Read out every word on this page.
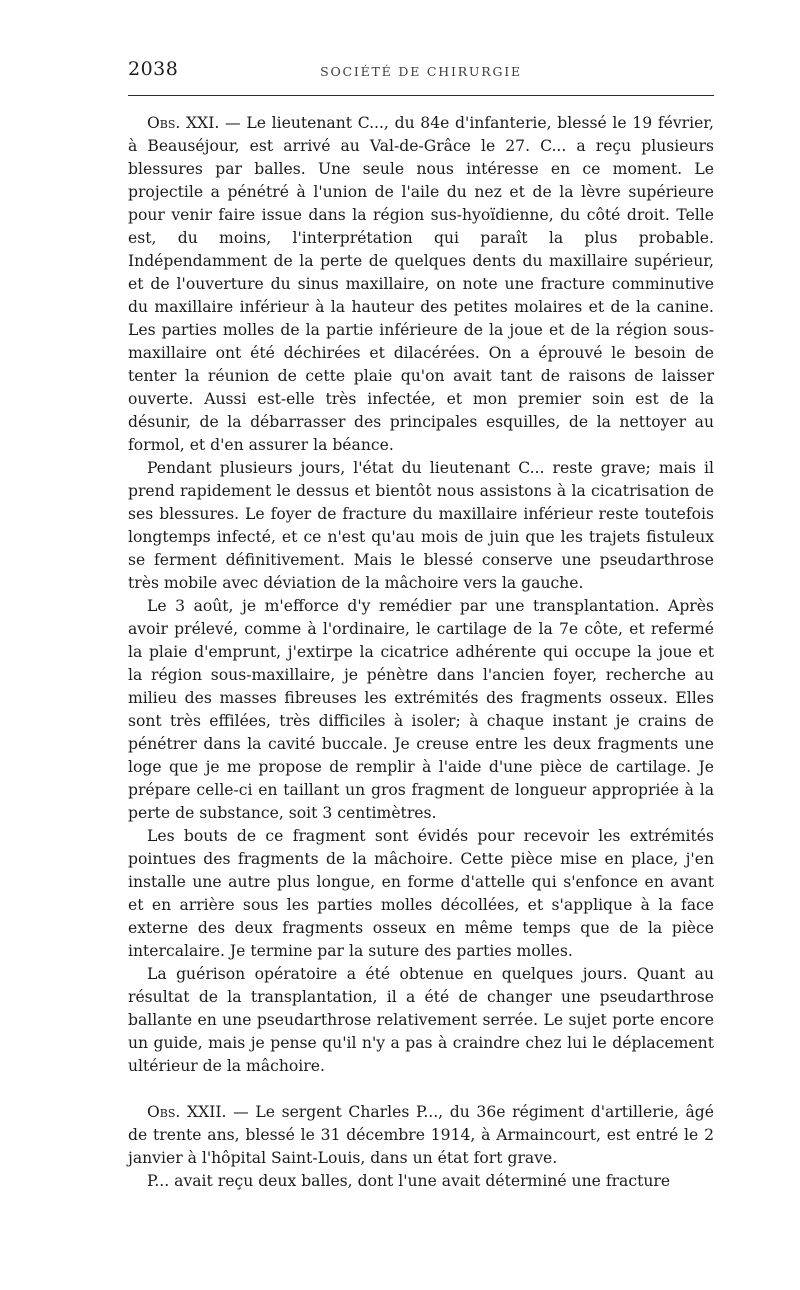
2038	SOCIÉTÉ DE CHIRURGIE

Obs. XXI. — Le lieutenant C..., du 84e d'infanterie, blessé le 19 février, à Beauséjour, est arrivé au Val-de-Grâce le 27. C... a reçu plusieurs blessures par balles. Une seule nous intéresse en ce moment. Le projectile a pénétré à l'union de l'aile du nez et de la lèvre supérieure pour venir faire issue dans la région sus-hyoïdienne, du côté droit. Telle est, du moins, l'interprétation qui paraît la plus probable. Indépendamment de la perte de quelques dents du maxillaire supérieur, et de l'ouverture du sinus maxillaire, on note une fracture comminutive du maxillaire inférieur à la hauteur des petites molaires et de la canine. Les parties molles de la partie inférieure de la joue et de la région sous-maxillaire ont été déchirées et dilacérées. On a éprouvé le besoin de tenter la réunion de cette plaie qu'on avait tant de raisons de laisser ouverte. Aussi est-elle très infectée, et mon premier soin est de la désunir, de la débarrasser des principales esquilles, de la nettoyer au formol, et d'en assurer la béance.

Pendant plusieurs jours, l'état du lieutenant C... reste grave; mais il prend rapidement le dessus et bientôt nous assistons à la cicatrisation de ses blessures. Le foyer de fracture du maxillaire inférieur reste toutefois longtemps infecté, et ce n'est qu'au mois de juin que les trajets fistuleux se ferment définitivement. Mais le blessé conserve une pseudarthrose très mobile avec déviation de la mâchoire vers la gauche.

Le 3 août, je m'efforce d'y remédier par une transplantation. Après avoir prélevé, comme à l'ordinaire, le cartilage de la 7e côte, et refermé la plaie d'emprunt, j'extirpe la cicatrice adhérente qui occupe la joue et la région sous-maxillaire, je pénètre dans l'ancien foyer, recherche au milieu des masses fibreuses les extrémités des fragments osseux. Elles sont très effilées, très difficiles à isoler; à chaque instant je crains de pénétrer dans la cavité buccale. Je creuse entre les deux fragments une loge que je me propose de remplir à l'aide d'une pièce de cartilage. Je prépare celle-ci en taillant un gros fragment de longueur appropriée à la perte de substance, soit 3 centimètres.

Les bouts de ce fragment sont évidés pour recevoir les extrémités pointues des fragments de la mâchoire. Cette pièce mise en place, j'en installe une autre plus longue, en forme d'attelle qui s'enfonce en avant et en arrière sous les parties molles décollées, et s'applique à la face externe des deux fragments osseux en même temps que de la pièce intercalaire. Je termine par la suture des parties molles.

La guérison opératoire a été obtenue en quelques jours. Quant au résultat de la transplantation, il a été de changer une pseudarthrose ballante en une pseudarthrose relativement serrée. Le sujet porte encore un guide, mais je pense qu'il n'y a pas à craindre chez lui le déplacement ultérieur de la mâchoire.

Obs. XXII. — Le sergent Charles P..., du 36e régiment d'artillerie, âgé de trente ans, blessé le 31 décembre 1914, à Armaincourt, est entré le 2 janvier à l'hôpital Saint-Louis, dans un état fort grave.

P... avait reçu deux balles, dont l'une avait déterminé une fracture
